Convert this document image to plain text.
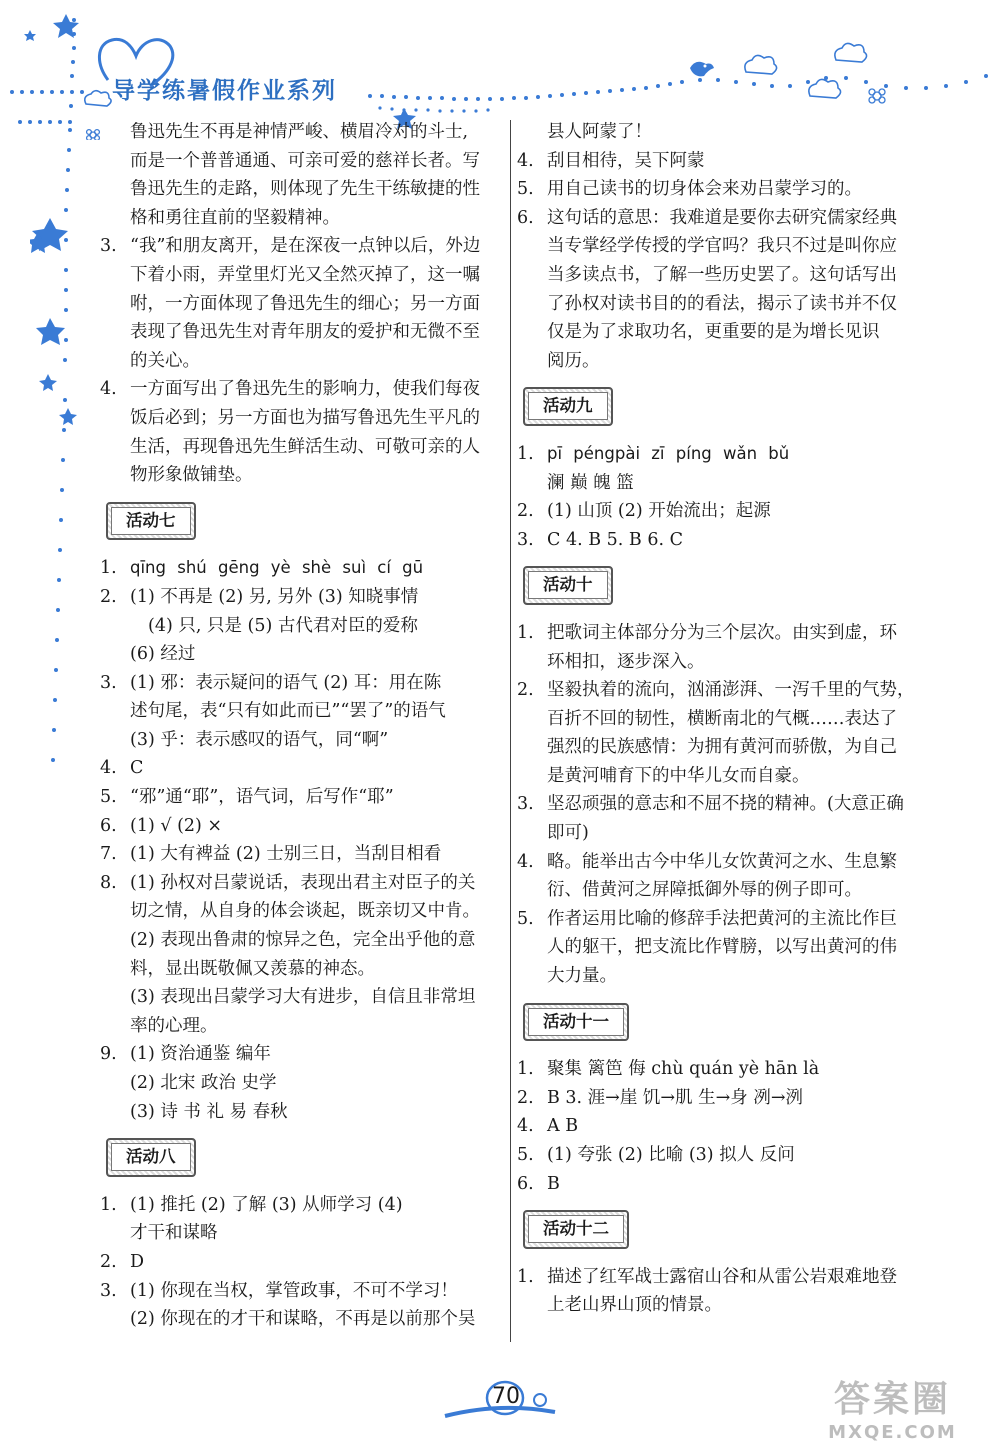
导学练暑假作业系列
鲁迅先生不再是神情严峻、横眉冷对的斗士,
而是一个普普通通、可亲可爱的慈祥长者。写
鲁迅先生的走路，则体现了先生干练敏捷的性
格和勇往直前的坚毅精神。
3. “我”和朋友离开，是在深夜一点钟以后，外边
下着小雨，弄堂里灯光又全然灭掉了，这一嘱
咐，一方面体现了鲁迅先生的细心；另一方面
表现了鲁迅先生对青年朋友的爱护和无微不至
的关心。
4. 一方面写出了鲁迅先生的影响力，使我们每夜
饭后必到；另一方面也为描写鲁迅先生平凡的
生活，再现鲁迅先生鲜活生动、可敬可亲的人
物形象做铺垫。
活动七
1. qīng shú gēng yè shè suì cí gū
2. (1) 不再是 (2) 另, 另外 (3) 知晓事情
(4) 只, 只是 (5) 古代君对臣的爱称
(6) 经过
3. (1) 邪：表示疑问的语气 (2) 耳：用在陈
述句尾，表“只有如此而已”“罢了”的语气
(3) 乎：表示感叹的语气，同“啊”
4. C
5. “邪”通“耶”，语气词，后写作“耶”
6. (1) √ (2) ×
7. (1) 大有裨益 (2) 士别三日，当刮目相看
8. (1) 孙权对吕蒙说话，表现出君主对臣子的关
切之情，从自身的体会谈起，既亲切又中肯。
(2) 表现出鲁肃的惊异之色，完全出乎他的意
料，显出既敬佩又羡慕的神态。
(3) 表现出吕蒙学习大有进步，自信且非常坦
率的心理。
9. (1) 资治通鉴 编年
(2) 北宋 政治 史学
(3) 诗 书 礼 易 春秋
活动八
1. (1) 推托 (2) 了解 (3) 从师学习 (4)
才干和谋略
2. D
3. (1) 你现在当权，掌管政事，不可不学习！
(2) 你现在的才干和谋略，不再是以前那个吴
县人阿蒙了！
4. 刮目相待，吴下阿蒙
5. 用自己读书的切身体会来劝吕蒙学习的。
6. 这句话的意思：我难道是要你去研究儒家经典
当专掌经学传授的学官吗？我只不过是叫你应
当多读点书，了解一些历史罢了。这句话写出
了孙权对读书目的的看法，揭示了读书并不仅
仅是为了求取功名，更重要的是为增长见识
阅历。
活动九
1. pī péngpài zī píng wǎn bǔ
澜 巅 魄 篮
2. (1) 山顶 (2) 开始流出；起源
3. C 4. B 5. B 6. C
活动十
1. 把歌词主体部分分为三个层次。由实到虚，环
环相扣，逐步深入。
2. 坚毅执着的流向，汹涌澎湃、一泻千里的气势，
百折不回的韧性，横断南北的气概……表达了
强烈的民族感情：为拥有黄河而骄傲，为自己
是黄河哺育下的中华儿女而自豪。
3. 坚忍顽强的意志和不屈不挠的精神。(大意正确
即可)
4. 略。能举出古今中华儿女饮黄河之水、生息繁
衍、借黄河之屏障抵御外辱的例子即可。
5. 作者运用比喻的修辞手法把黄河的主流比作巨
人的躯干，把支流比作臂膀，以写出黄河的伟
大力量。
活动十一
1. 聚集 篱笆 侮 chù quán yè hān là
2. B 3. 涯→崖 饥→肌 生→身 冽→洌
4. A B
5. (1) 夸张 (2) 比喻 (3) 拟人 反问
6. B
活动十二
1. 描述了红军战士露宿山谷和从雷公岩艰难地登
上老山界山顶的情景。
70	答案圈
MXQE.COM
